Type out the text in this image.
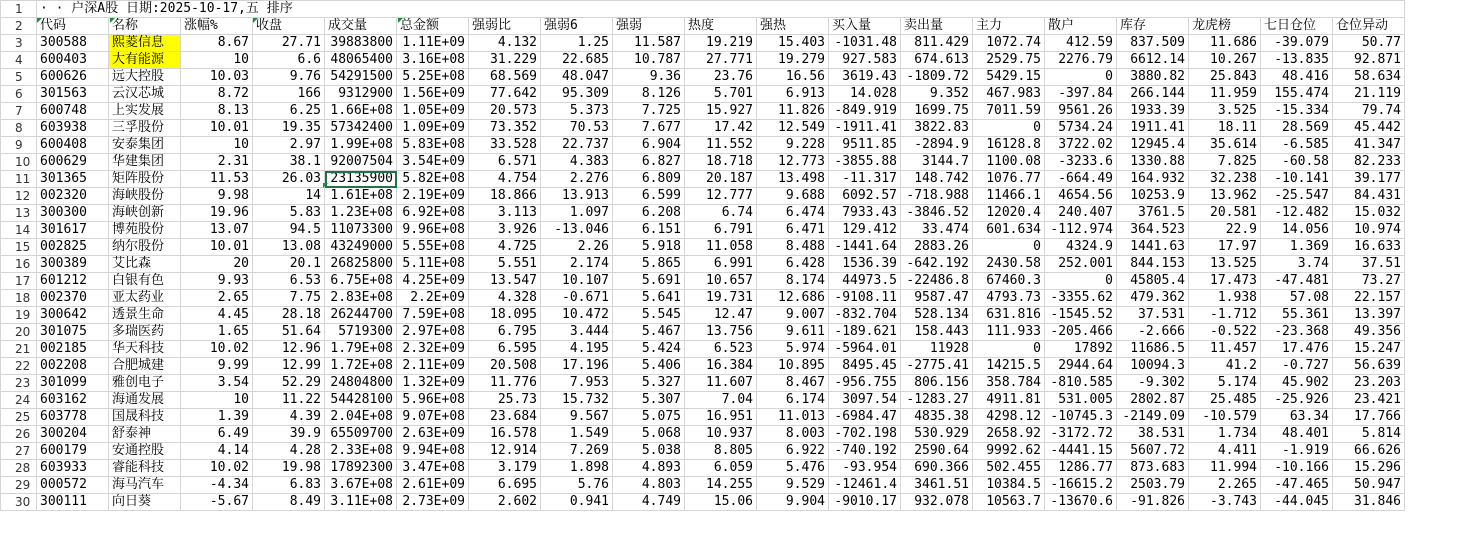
1	· · 户深A股 日期:2025-10-17,五 排序																		
2	代码	名称	涨幅%	收盘	成交量	总金额	强弱比	强弱6	强弱	热度	强热	买入量	卖出量	主力	散户	库存	龙虎榜	七日仓位	仓位异动
3	300588	熙菱信息	8.67	27.71	39883800	1.11E+09	4.132	1.25	11.587	19.219	15.403	-1031.48	811.429	1072.74	412.59	837.509	11.686	-39.079	50.77
4	600403	大有能源	10	6.6	48065400	3.16E+08	31.229	22.685	10.787	27.771	19.279	927.583	674.613	2529.75	2276.79	6612.14	10.267	-13.835	92.871
5	600626	远大控股	10.03	9.76	54291500	5.25E+08	68.569	48.047	9.36	23.76	16.56	3619.43	-1809.72	5429.15	0	3880.82	25.843	48.416	58.634
6	301563	云汉芯城	8.72	166	9312900	1.56E+09	77.642	95.309	8.126	5.701	6.913	14.028	9.352	467.983	-397.84	266.144	11.959	155.474	21.119
7	600748	上实发展	8.13	6.25	1.66E+08	1.05E+09	20.573	5.373	7.725	15.927	11.826	-849.919	1699.75	7011.59	9561.26	1933.39	3.525	-15.334	79.74
8	603938	三孚股份	10.01	19.35	57342400	1.09E+09	73.352	70.53	7.677	17.42	12.549	-1911.41	3822.83	0	5734.24	1911.41	18.11	28.569	45.442
9	600408	安泰集团	10	2.97	1.99E+08	5.83E+08	33.528	22.737	6.904	11.552	9.228	9511.85	-2894.9	16128.8	3722.02	12945.4	35.614	-6.585	41.347
10	600629	华建集团	2.31	38.1	92007504	3.54E+09	6.571	4.383	6.827	18.718	12.773	-3855.88	3144.7	1100.08	-3233.6	1330.88	7.825	-60.58	82.233
11	301365	矩阵股份	11.53	26.03	23135900	5.82E+08	4.754	2.276	6.809	20.187	13.498	-11.317	148.742	1076.77	-664.49	164.932	32.238	-10.141	39.177
12	002320	海峡股份	9.98	14	1.61E+08	2.19E+09	18.866	13.913	6.599	12.777	9.688	6092.57	-718.988	11466.1	4654.56	10253.9	13.962	-25.547	84.431
13	300300	海峡创新	19.96	5.83	1.23E+08	6.92E+08	3.113	1.097	6.208	6.74	6.474	7933.43	-3846.52	12020.4	240.407	3761.5	20.581	-12.482	15.032
14	301617	博苑股份	13.07	94.5	11073300	9.96E+08	3.926	-13.046	6.151	6.791	6.471	129.412	33.474	601.634	-112.974	364.523	22.9	14.056	10.974
15	002825	纳尔股份	10.01	13.08	43249000	5.55E+08	4.725	2.26	5.918	11.058	8.488	-1441.64	2883.26	0	4324.9	1441.63	17.97	1.369	16.633
16	300389	艾比森	20	20.1	26825800	5.11E+08	5.551	2.174	5.865	6.991	6.428	1536.39	-642.192	2430.58	252.001	844.153	13.525	3.74	37.51
17	601212	白银有色	9.93	6.53	6.75E+08	4.25E+09	13.547	10.107	5.691	10.657	8.174	44973.5	-22486.8	67460.3	0	45805.4	17.473	-47.481	73.27
18	002370	亚太药业	2.65	7.75	2.83E+08	2.2E+09	4.328	-0.671	5.641	19.731	12.686	-9108.11	9587.47	4793.73	-3355.62	479.362	1.938	57.08	22.157
19	300642	透景生命	4.45	28.18	26244700	7.59E+08	18.095	10.472	5.545	12.47	9.007	-832.704	528.134	631.816	-1545.52	37.531	-1.712	55.361	13.397
20	301075	多瑞医药	1.65	51.64	5719300	2.97E+08	6.795	3.444	5.467	13.756	9.611	-189.621	158.443	111.933	-205.466	-2.666	-0.522	-23.368	49.356
21	002185	华天科技	10.02	12.96	1.79E+08	2.32E+09	6.595	4.195	5.424	6.523	5.974	-5964.01	11928	0	17892	11686.5	11.457	17.476	15.247
22	002208	合肥城建	9.99	12.99	1.72E+08	2.11E+09	20.508	17.196	5.406	16.384	10.895	8495.45	-2775.41	14215.5	2944.64	10094.3	41.2	-0.727	56.639
23	301099	雅创电子	3.54	52.29	24804800	1.32E+09	11.776	7.953	5.327	11.607	8.467	-956.755	806.156	358.784	-810.585	-9.302	5.174	45.902	23.203
24	603162	海通发展	10	11.22	54428100	5.96E+08	25.73	15.732	5.307	7.04	6.174	3097.54	-1283.27	4911.81	531.005	2802.87	25.485	-25.926	23.421
25	603778	国晟科技	1.39	4.39	2.04E+08	9.07E+08	23.684	9.567	5.075	16.951	11.013	-6984.47	4835.38	4298.12	-10745.3	-2149.09	-10.579	63.34	17.766
26	300204	舒泰神	6.49	39.9	65509700	2.63E+09	16.578	1.549	5.068	10.937	8.003	-702.198	530.929	2658.92	-3172.72	38.531	1.734	48.401	5.814
27	600179	安通控股	4.14	4.28	2.33E+08	9.94E+08	12.914	7.269	5.038	8.805	6.922	-740.192	2590.64	9992.62	-4441.15	5607.72	4.411	-1.919	66.626
28	603933	睿能科技	10.02	19.98	17892300	3.47E+08	3.179	1.898	4.893	6.059	5.476	-93.954	690.366	502.455	1286.77	873.683	11.994	-10.166	15.296
29	000572	海马汽车	-4.34	6.83	3.67E+08	2.61E+09	6.695	5.76	4.803	14.255	9.529	-12461.4	3461.51	10384.5	-16615.2	2503.79	2.265	-47.465	50.947
30	300111	向日葵	-5.67	8.49	3.11E+08	2.73E+09	2.602	0.941	4.749	15.06	9.904	-9010.17	932.078	10563.7	-13670.6	-91.826	-3.743	-44.045	31.846
